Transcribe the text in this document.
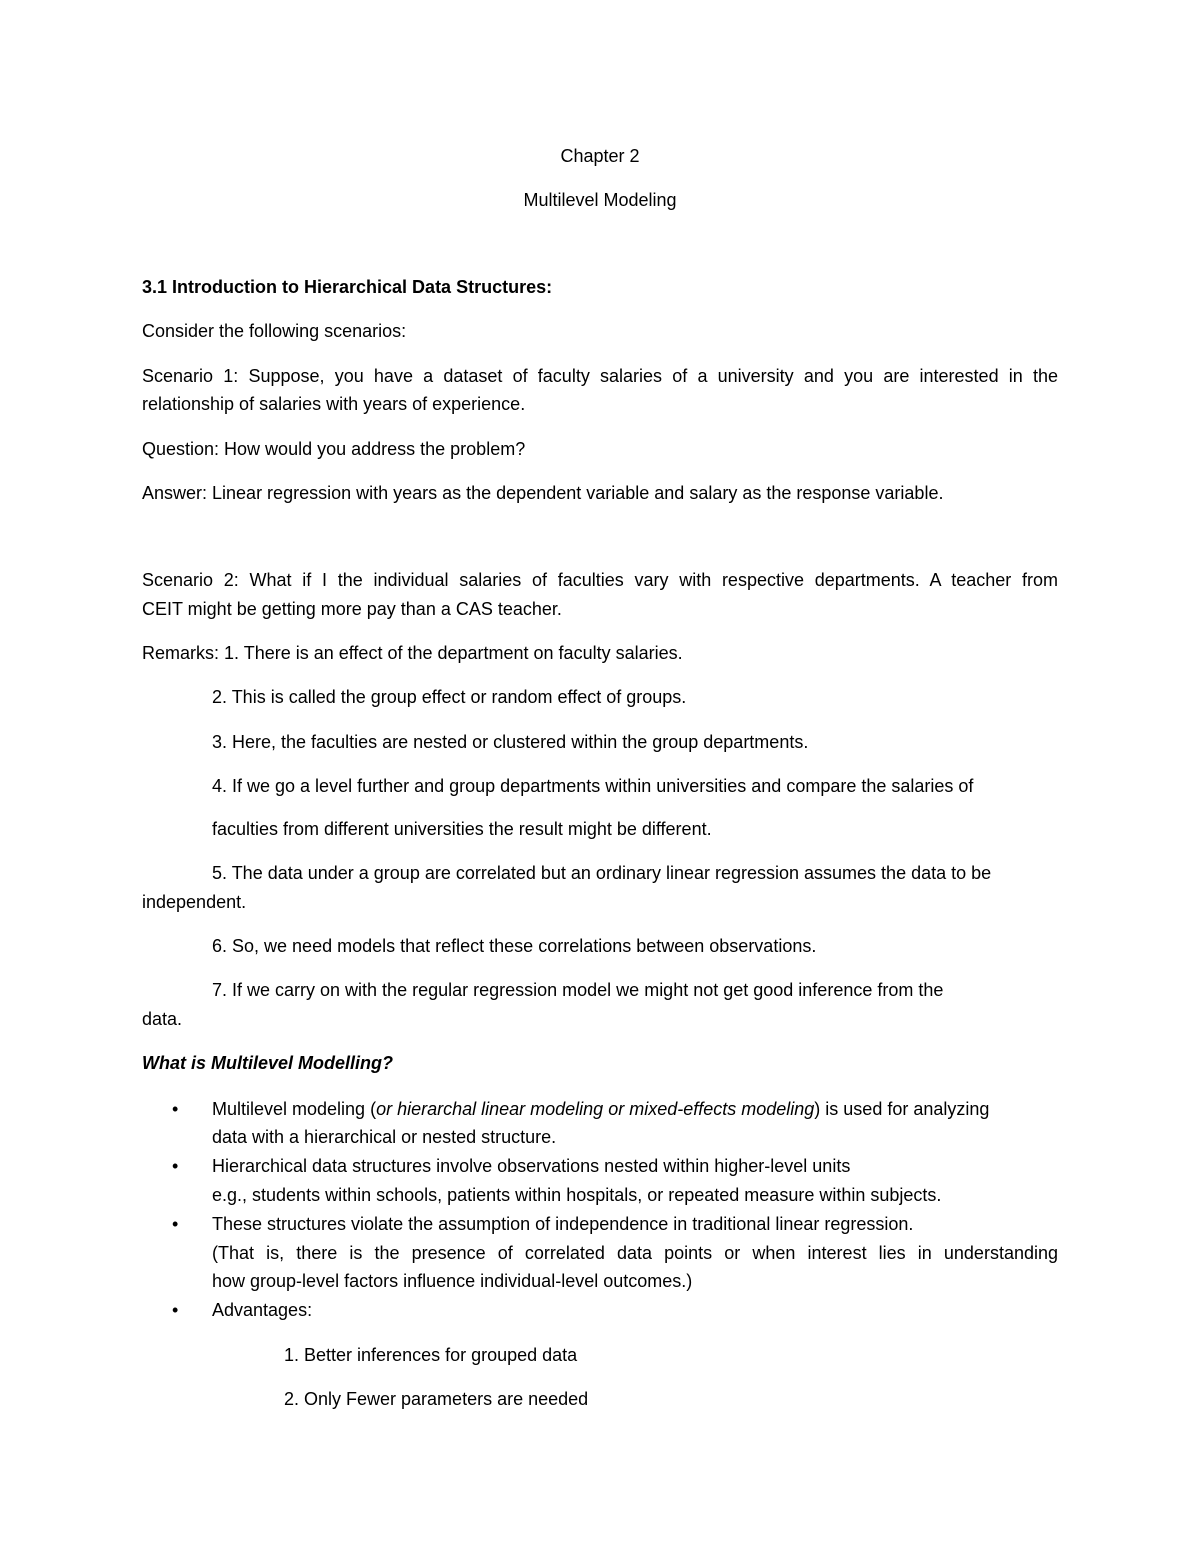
Chapter 2
Multilevel Modeling
3.1 Introduction to Hierarchical Data Structures:
Consider the following scenarios:
Scenario 1: Suppose, you have a dataset of faculty salaries of a university and you are interested in the
relationship of salaries with years of experience.
Question: How would you address the problem?
Answer: Linear regression with years as the dependent variable and salary as the response variable.
Scenario 2: What if I the individual salaries of faculties vary with respective departments. A teacher from
CEIT might be getting more pay than a CAS teacher.
Remarks: 1. There is an effect of the department on faculty salaries.
2. This is called the group effect or random effect of groups.
3. Here, the faculties are nested or clustered within the group departments.
4. If we go a level further and group departments within universities and compare the salaries of
faculties from different universities the result might be different.
5. The data under a group are correlated but an ordinary linear regression assumes the data to be
independent.
6. So, we need models that reflect these correlations between observations.
7. If we carry on with the regular regression model we might not get good inference from the
data.
What is Multilevel Modelling?
• Multilevel modeling (or hierarchal linear modeling or mixed-effects modeling) is used for analyzing
data with a hierarchical or nested structure.
• Hierarchical data structures involve observations nested within higher-level units
e.g., students within schools, patients within hospitals, or repeated measure within subjects.
• These structures violate the assumption of independence in traditional linear regression.
(That is, there is the presence of correlated data points or when interest lies in understanding
how group-level factors influence individual-level outcomes.)
• Advantages:
1. Better inferences for grouped data
2. Only Fewer parameters are needed
